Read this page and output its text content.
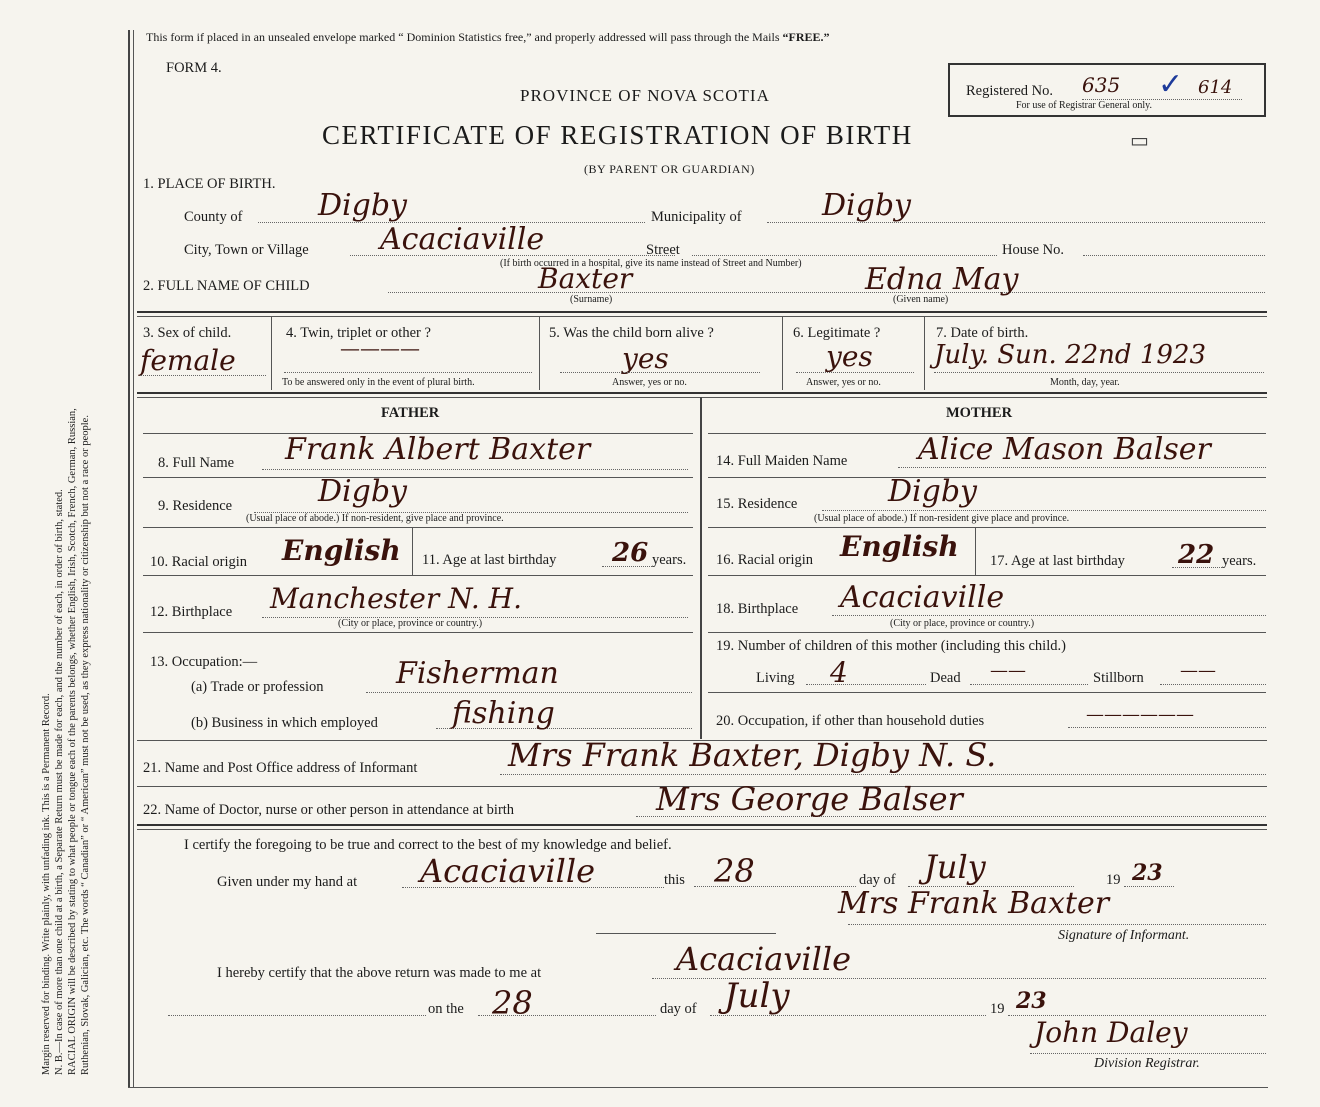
Margin reserved for binding. Write plainly, with unfading ink. This is a Permanent Record. N. B.—In case of more than one child at a birth, a Separate Return must be made for each, and the number of each, in order of birth, stated. RACIAL ORIGIN will be described by stating to what people or tongue each of the parents belongs, whether English, Irish, Scotch, French, German, Russian, Ruthenian, Slovak, Galician, etc. The words “ Canadian” or “ American” must not be used, as they express nationality or citizenship but not a race or people.
This form if placed in an unsealed envelope marked “ Dominion Statistics free,” and properly addressed will pass through the Mails “FREE.”
FORM 4.
Registered No. 635 ✓ 614
For use of Registrar General only.
PROVINCE OF NOVA SCOTIA
CERTIFICATE OF REGISTRATION OF BIRTH	▭
(BY PARENT OR GUARDIAN)
1. PLACE OF BIRTH.
County of	Digby	Municipality of	Digby
City, Town or Village Acaciaville	Street	House No.
(If birth occurred in a hospital, give its name instead of Street and Number)
2. FULL NAME OF CHILD	Baxter
(Surname)
Edna May
(Given name)
3. Sex of child.
female
4. Twin, triplet or other ?
————
To be answered only in the event of plural birth.
5. Was the child born alive ?
yes
Answer, yes or no.
6. Legitimate ?
yes
Answer, yes or no.
7. Date of birth.
July. Sun. 22nd 1923
Month, day, year.
FATHER	MOTHER
8. Full Name Frank Albert Baxter	14. Full Maiden Name Alice Mason Balser
9. Residence	Digby
(Usual place of abode.) If non-resident, give place and province.
15. Residence	Digby
(Usual place of abode.) If non-resident give place and province.
10. Racial origin English 11. Age at last birthday 26 years. 16. Racial origin English 17. Age at last birthday 22 years.
12. Birthplace Manchester N. H.
(City or place, province or country.)
18. Birthplace Acaciaville
(City or place, province or country.)
13. Occupation:—
(a) Trade or profession Fisherman
(b) Business in which employed fishing
19. Number of children of this mother (including this child.)
Living 4	Dead ——	Stillborn ——
20. Occupation, if other than household duties	——————
21. Name and Post Office address of Informant	Mrs Frank Baxter, Digby N. S.
22. Name of Doctor, nurse or other person in attendance at birth	Mrs George Balser
I certify the foregoing to be true and correct to the best of my knowledge and belief.
Given under my hand at Acaciaville	this 28	day of July	19 23
Mrs Frank Baxter
Signature of Informant.
I hereby certify that the above return was made to me at	Acaciaville
on the 28	day of July	19 23
John Daley
Division Registrar.
